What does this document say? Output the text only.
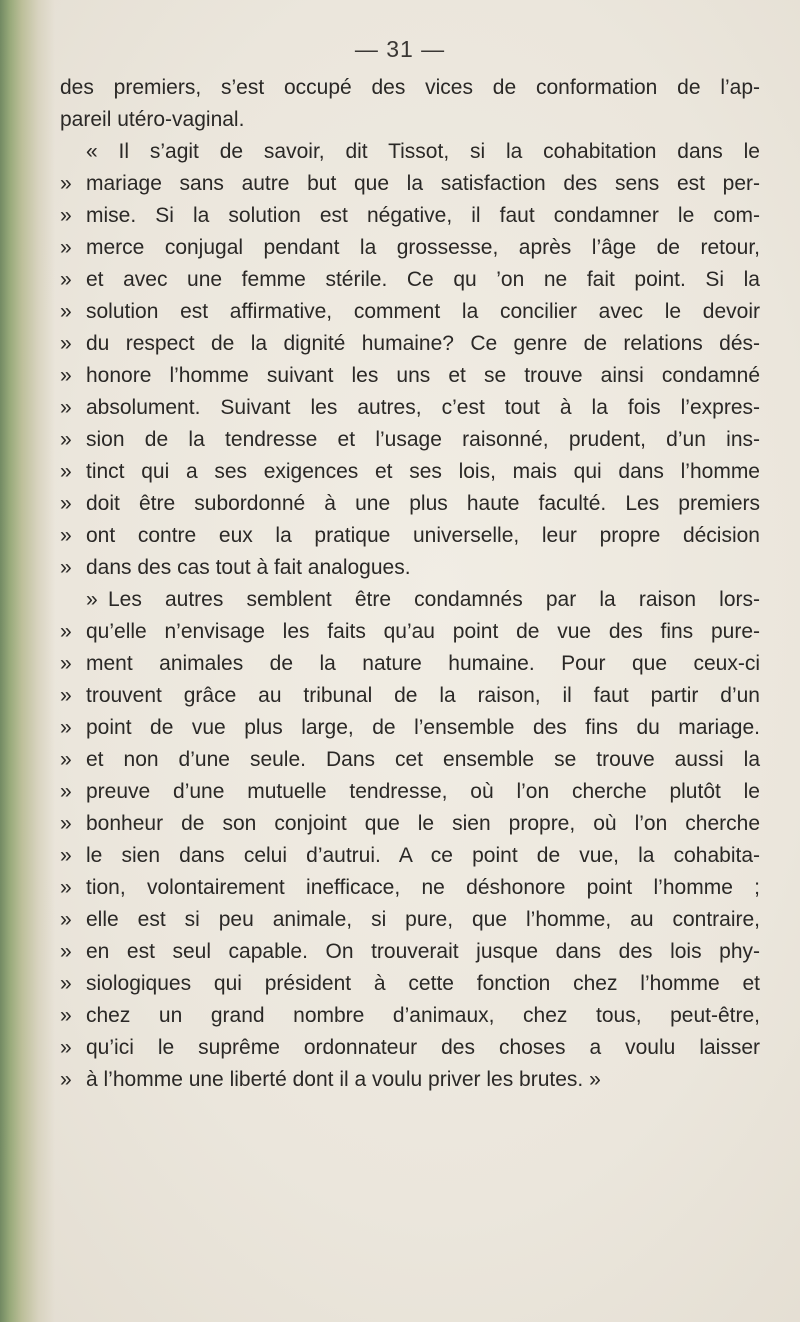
— 31 —
des premiers, s’est occupé des vices de conformation de l’ap-
pareil utéro-vaginal.
« Il s’agit de savoir, dit Tissot, si la cohabitation dans le
» mariage sans autre but que la satisfaction des sens est per-
» mise. Si la solution est négative, il faut condamner le com-
» merce conjugal pendant la grossesse, après l’âge de retour,
» et avec une femme stérile. Ce qu ’on ne fait point. Si la
» solution est affirmative, comment la concilier avec le devoir
» du respect de la dignité humaine? Ce genre de relations dés-
» honore l’homme suivant les uns et se trouve ainsi condamné
» absolument. Suivant les autres, c’est tout à la fois l’expres-
» sion de la tendresse et l’usage raisonné, prudent, d’un ins-
» tinct qui a ses exigences et ses lois, mais qui dans l’homme
» doit être subordonné à une plus haute faculté. Les premiers
» ont contre eux la pratique universelle, leur propre décision
» dans des cas tout à fait analogues.
» Les autres semblent être condamnés par la raison lors-
» qu’elle n’envisage les faits qu’au point de vue des fins pure-
» ment animales de la nature humaine. Pour que ceux-ci
» trouvent grâce au tribunal de la raison, il faut partir d’un
» point de vue plus large, de l’ensemble des fins du mariage.
» et non d’une seule. Dans cet ensemble se trouve aussi la
» preuve d’une mutuelle tendresse, où l’on cherche plutôt le
» bonheur de son conjoint que le sien propre, où l’on cherche
» le sien dans celui d’autrui. A ce point de vue, la cohabita-
» tion, volontairement inefficace, ne déshonore point l’homme ;
» elle est si peu animale, si pure, que l’homme, au contraire,
» en est seul capable. On trouverait jusque dans des lois phy-
» siologiques qui président à cette fonction chez l’homme et
» chez un grand nombre d’animaux, chez tous, peut-être,
» qu’ici le suprême ordonnateur des choses a voulu laisser
» à l’homme une liberté dont il a voulu priver les brutes. »
